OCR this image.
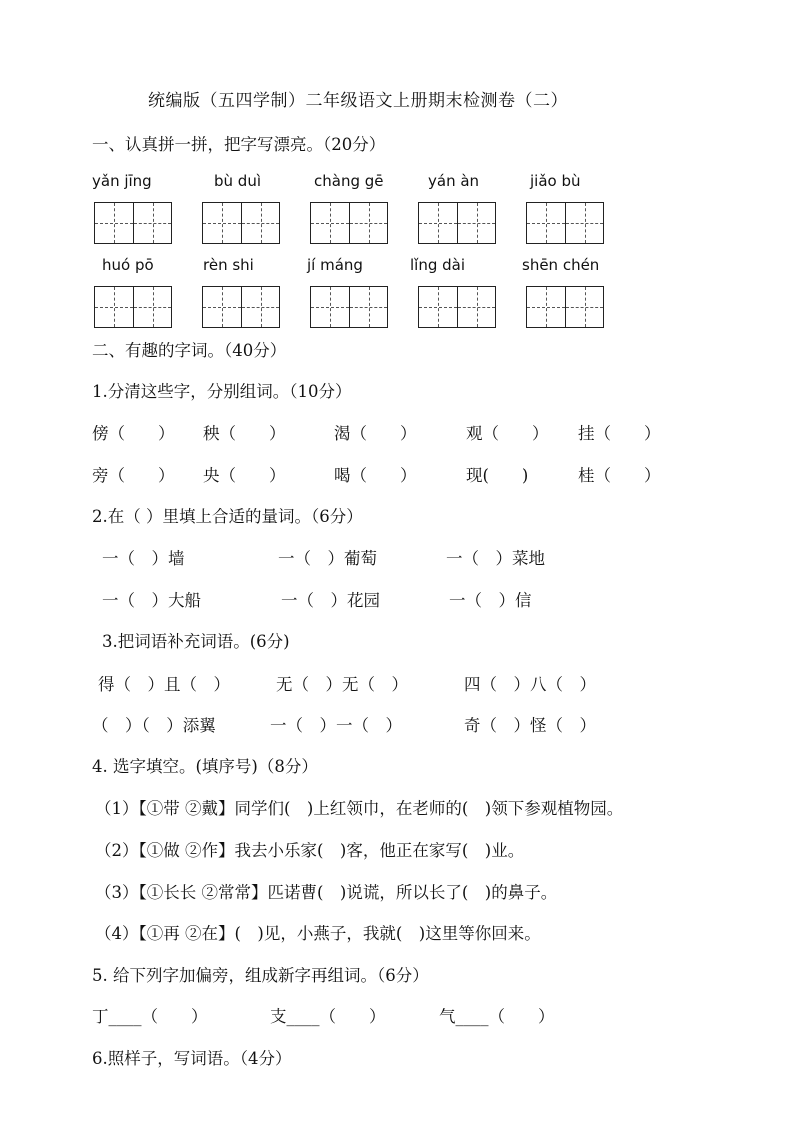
统编版（五四学制）二年级语文上册期末检测卷（二）
一、认真拼一拼，把字写漂亮。（20分）
yǎn jīng	bù duì	chàng gē	yán àn	jiǎo bù
huó pō	rèn shi	jí máng	lǐng dài	shēn chén
二、有趣的字词。（40分）
1.分清这些字，分别组词。（10分）
傍（　　） 秧（　　）	渴（　　）	观（　　） 挂（　　）
旁（　　） 央（　　）	喝（　　）	现(　　)	桂（　　）
2.在（ ）里填上合适的量词。（6分）
一（　）墙	一（　）葡萄	一（　）菜地
一（　）大船	一（　）花园	一（　）信
3.把词语补充词语。(6分)
得（　）且（　）	无（　）无（　）	四（　）八（　）
（　）（　）添翼	一（　）一（　）	奇（　）怪（　）
4. 选字填空。(填序号)（8分）
（1）【①带 ②戴】同学们(　)上红领巾，在老师的(　)领下参观植物园。
（2）【①做 ②作】我去小乐家(　)客，他正在家写(　)业。
（3）【①长长 ②常常】匹诺曹(　)说谎，所以长了(　)的鼻子。
（4）【①再 ②在】(　)见，小燕子，我就(　)这里等你回来。
5. 给下列字加偏旁，组成新字再组词。（6分）
丁____（　　）	支____（　　）	气____（　　）
6.照样子，写词语。（4分）
